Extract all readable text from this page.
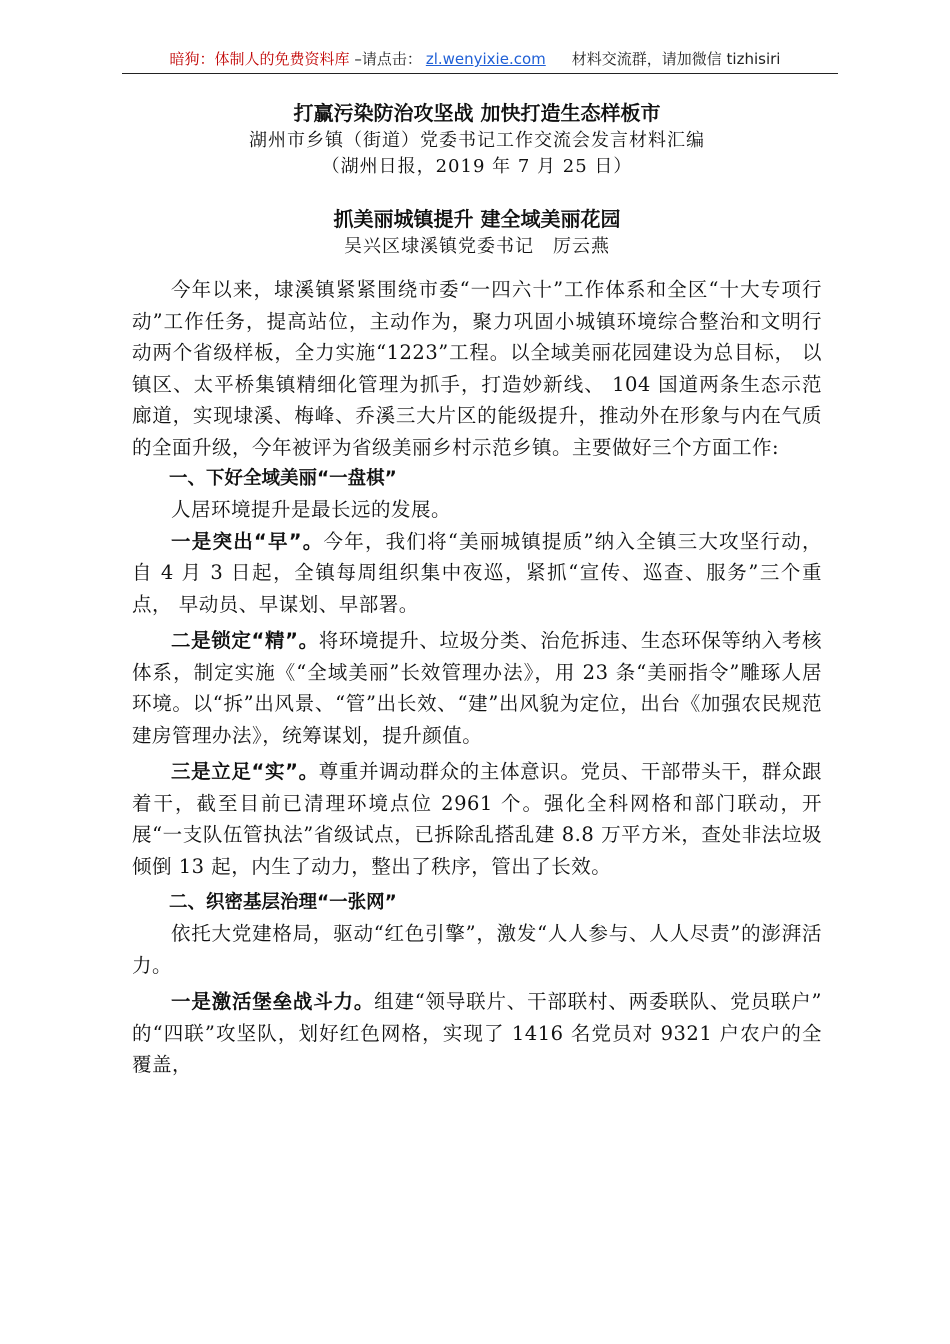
暗狗：体制人的免费资料库 –请点击： zl.wenyixie.com 材料交流群，请加微信 tizhisiri

打赢污染防治攻坚战 加快打造生态样板市

湖州市乡镇（街道）党委书记工作交流会发言材料汇编

（湖州日报，2019 年 7 月 25 日）

抓美丽城镇提升 建全域美丽花园

吴兴区埭溪镇党委书记　厉云燕

今年以来，埭溪镇紧紧围绕市委“一四六十”工作体系和全区“十大专项行动”工作任务，提高站位，主动作为，聚力巩固小城镇环境综合整治和文明行动两个省级样板，全力实施“1223”工程。以全域美丽花园建设为总目标， 以镇区、太平桥集镇精细化管理为抓手，打造妙新线、 104 国道两条生态示范廊道，实现埭溪、梅峰、乔溪三大片区的能级提升，推动外在形象与内在气质的全面升级，今年被评为省级美丽乡村示范乡镇。主要做好三个方面工作:

一、下好全域美丽“一盘棋”

人居环境提升是最长远的发展。

一是突出“早”。今年，我们将“美丽城镇提质”纳入全镇三大攻坚行动， 自 4 月 3 日起，全镇每周组织集中夜巡，紧抓“宣传、巡查、服务”三个重点， 早动员、早谋划、早部署。

二是锁定“精”。将环境提升、垃圾分类、治危拆违、生态环保等纳入考核体系，制定实施《“全域美丽”长效管理办法》，用 23 条“美丽指令”雕琢人居环境。以“拆”出风景、“管”出长效、“建”出风貌为定位，出台《加强农民规范建房管理办法》，统筹谋划，提升颜值。

三是立足“实”。尊重并调动群众的主体意识。党员、干部带头干，群众跟着干，截至目前已清理环境点位 2961 个。强化全科网格和部门联动，开展“一支队伍管执法”省级试点，已拆除乱搭乱建 8.8 万平方米，查处非法垃圾倾倒 13 起，内生了动力，整出了秩序，管出了长效。

二、织密基层治理“一张网”

依托大党建格局，驱动“红色引擎”，激发“人人参与、人人尽责”的澎湃活力。

一是激活堡垒战斗力。组建“领导联片、干部联村、两委联队、党员联户” 的“四联”攻坚队，划好红色网格，实现了 1416 名党员对 9321 户农户的全覆盖，
